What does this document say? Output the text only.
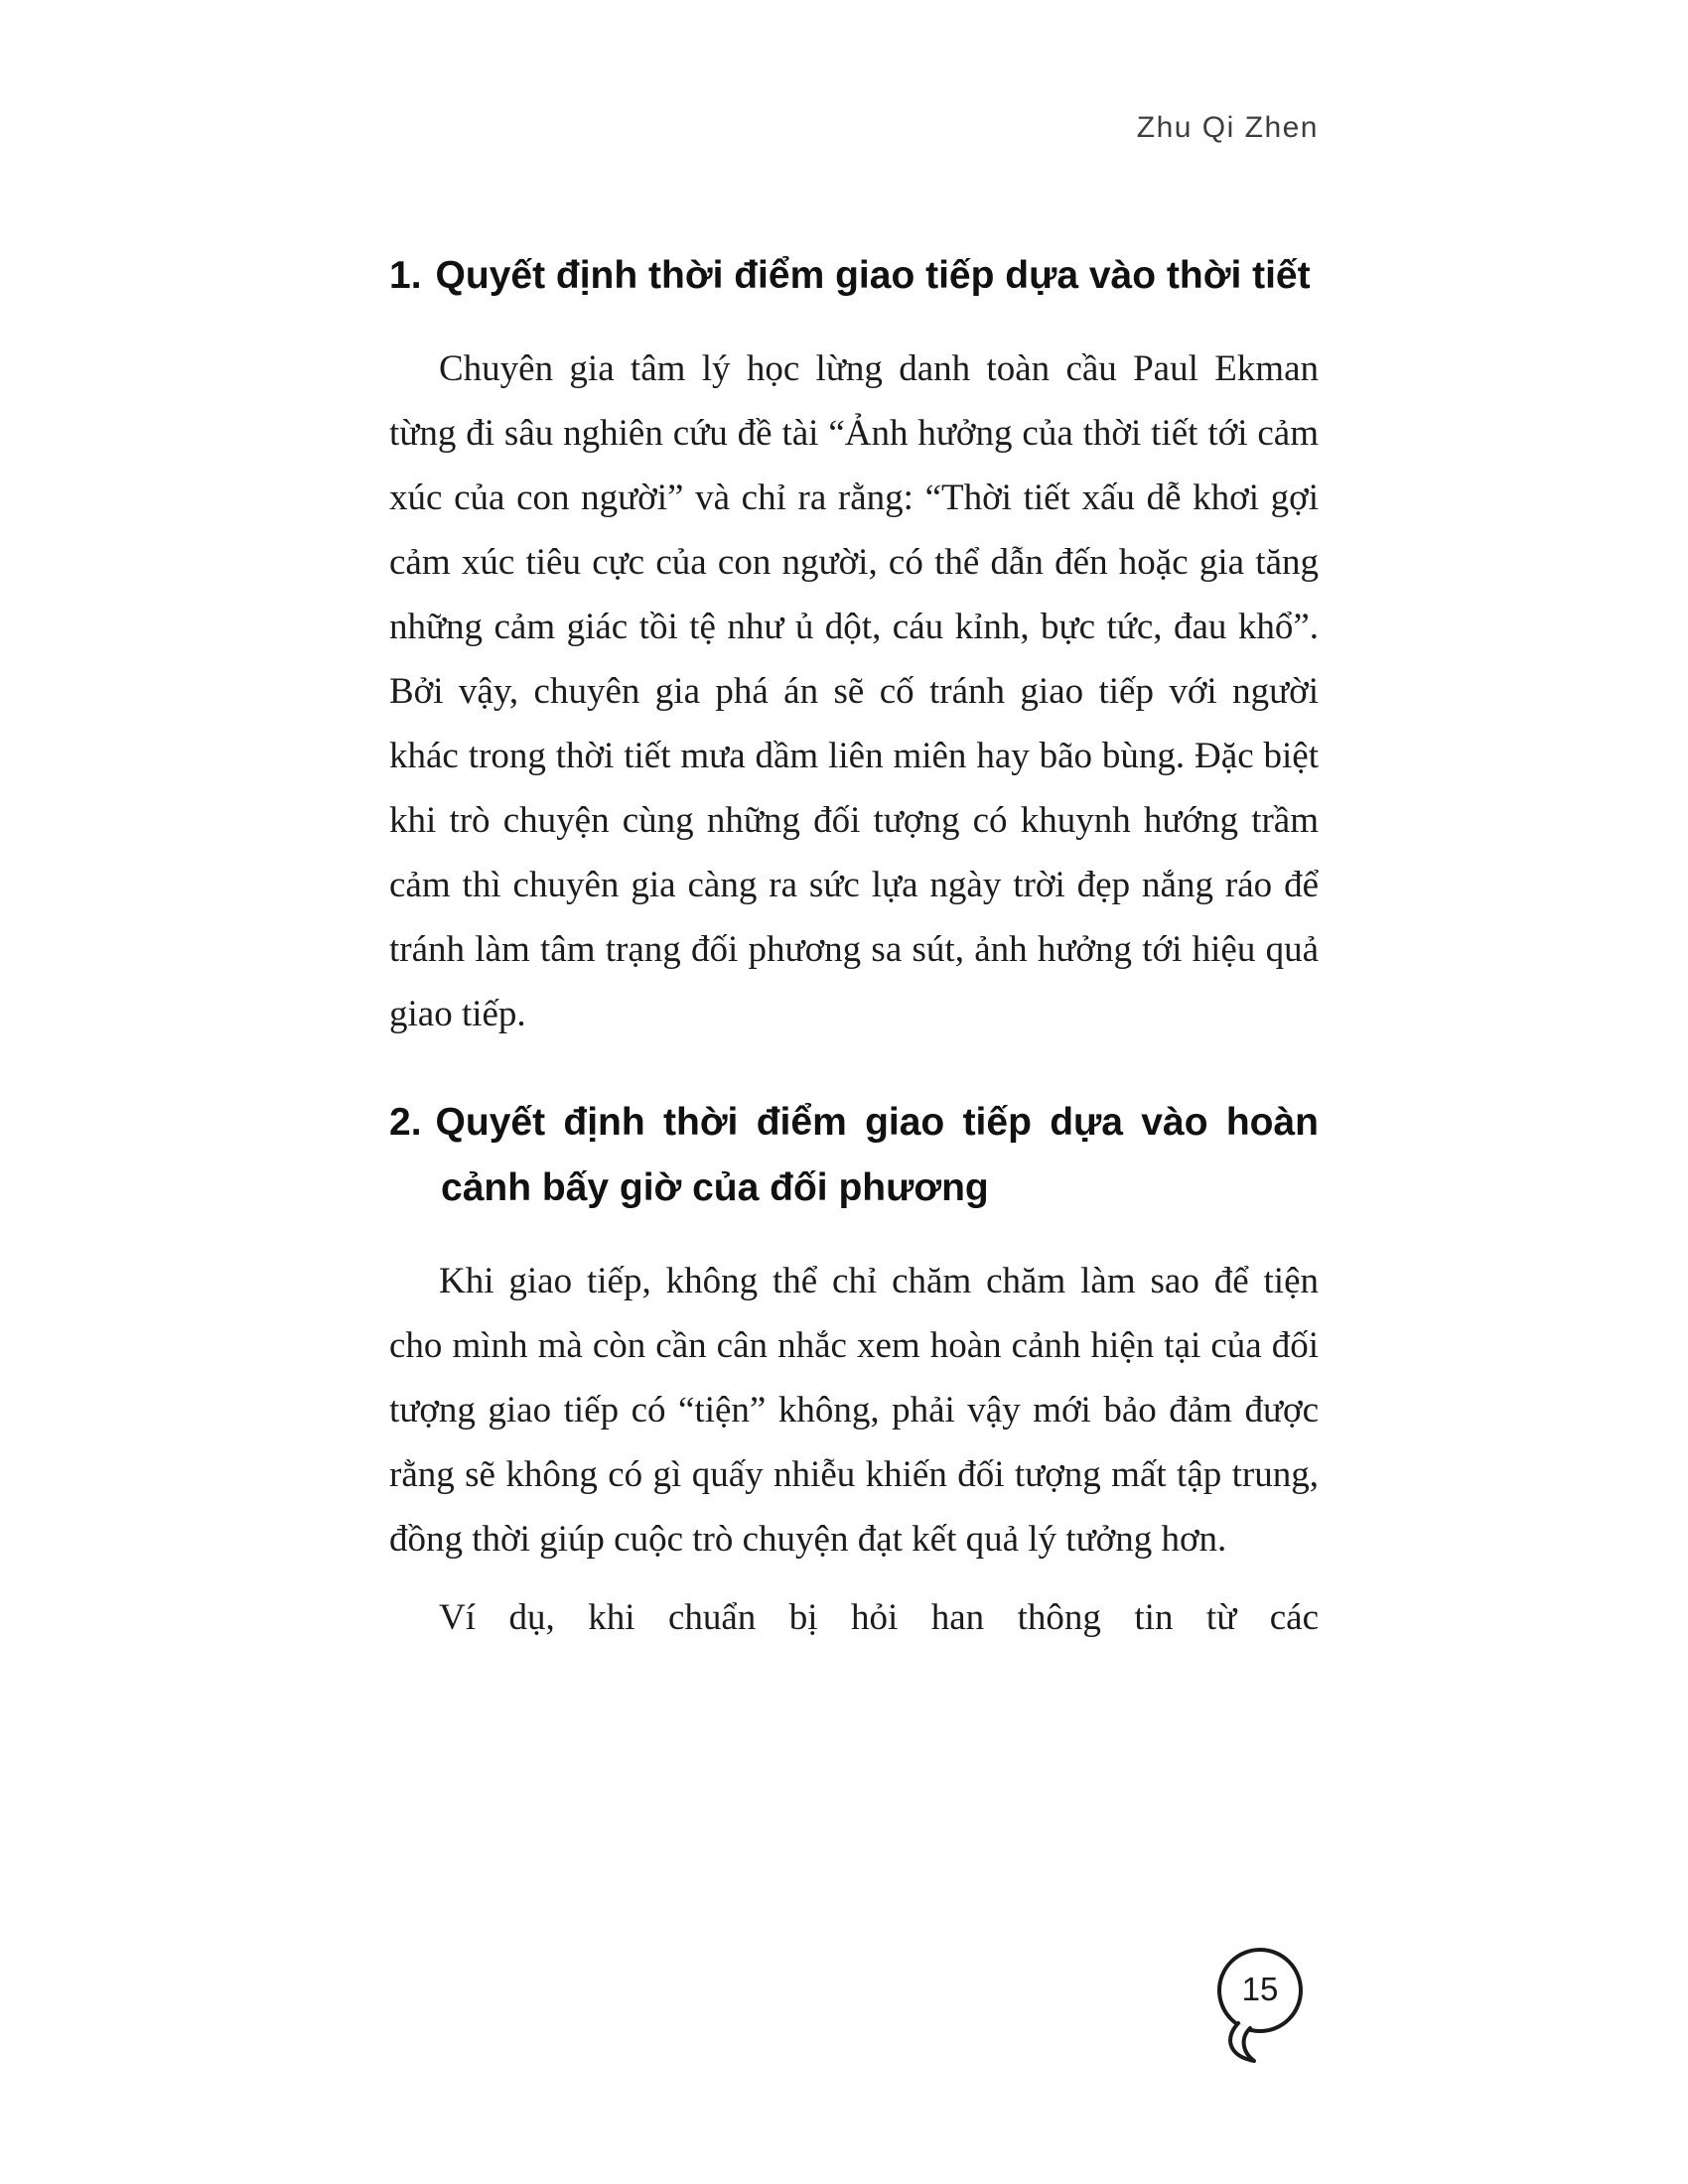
Zhu Qi Zhen
1. Quyết định thời điểm giao tiếp dựa vào thời tiết

Chuyên gia tâm lý học lừng danh toàn cầu Paul Ekman từng đi sâu nghiên cứu đề tài “Ảnh hưởng của thời tiết tới cảm xúc của con người” và chỉ ra rằng: “Thời tiết xấu dễ khơi gợi cảm xúc tiêu cực của con người, có thể dẫn đến hoặc gia tăng những cảm giác tồi tệ như ủ dột, cáu kỉnh, bực tức, đau khổ”. Bởi vậy, chuyên gia phá án sẽ cố tránh giao tiếp với người khác trong thời tiết mưa dầm liên miên hay bão bùng. Đặc biệt khi trò chuyện cùng những đối tượng có khuynh hướng trầm cảm thì chuyên gia càng ra sức lựa ngày trời đẹp nắng ráo để tránh làm tâm trạng đối phương sa sút, ảnh hưởng tới hiệu quả giao tiếp.

2. Quyết định thời điểm giao tiếp dựa vào hoàn cảnh bấy giờ của đối phương

Khi giao tiếp, không thể chỉ chăm chăm làm sao để tiện cho mình mà còn cần cân nhắc xem hoàn cảnh hiện tại của đối tượng giao tiếp có “tiện” không, phải vậy mới bảo đảm được rằng sẽ không có gì quấy nhiễu khiến đối tượng mất tập trung, đồng thời giúp cuộc trò chuyện đạt kết quả lý tưởng hơn.

Ví dụ, khi chuẩn bị hỏi han thông tin từ các

15
